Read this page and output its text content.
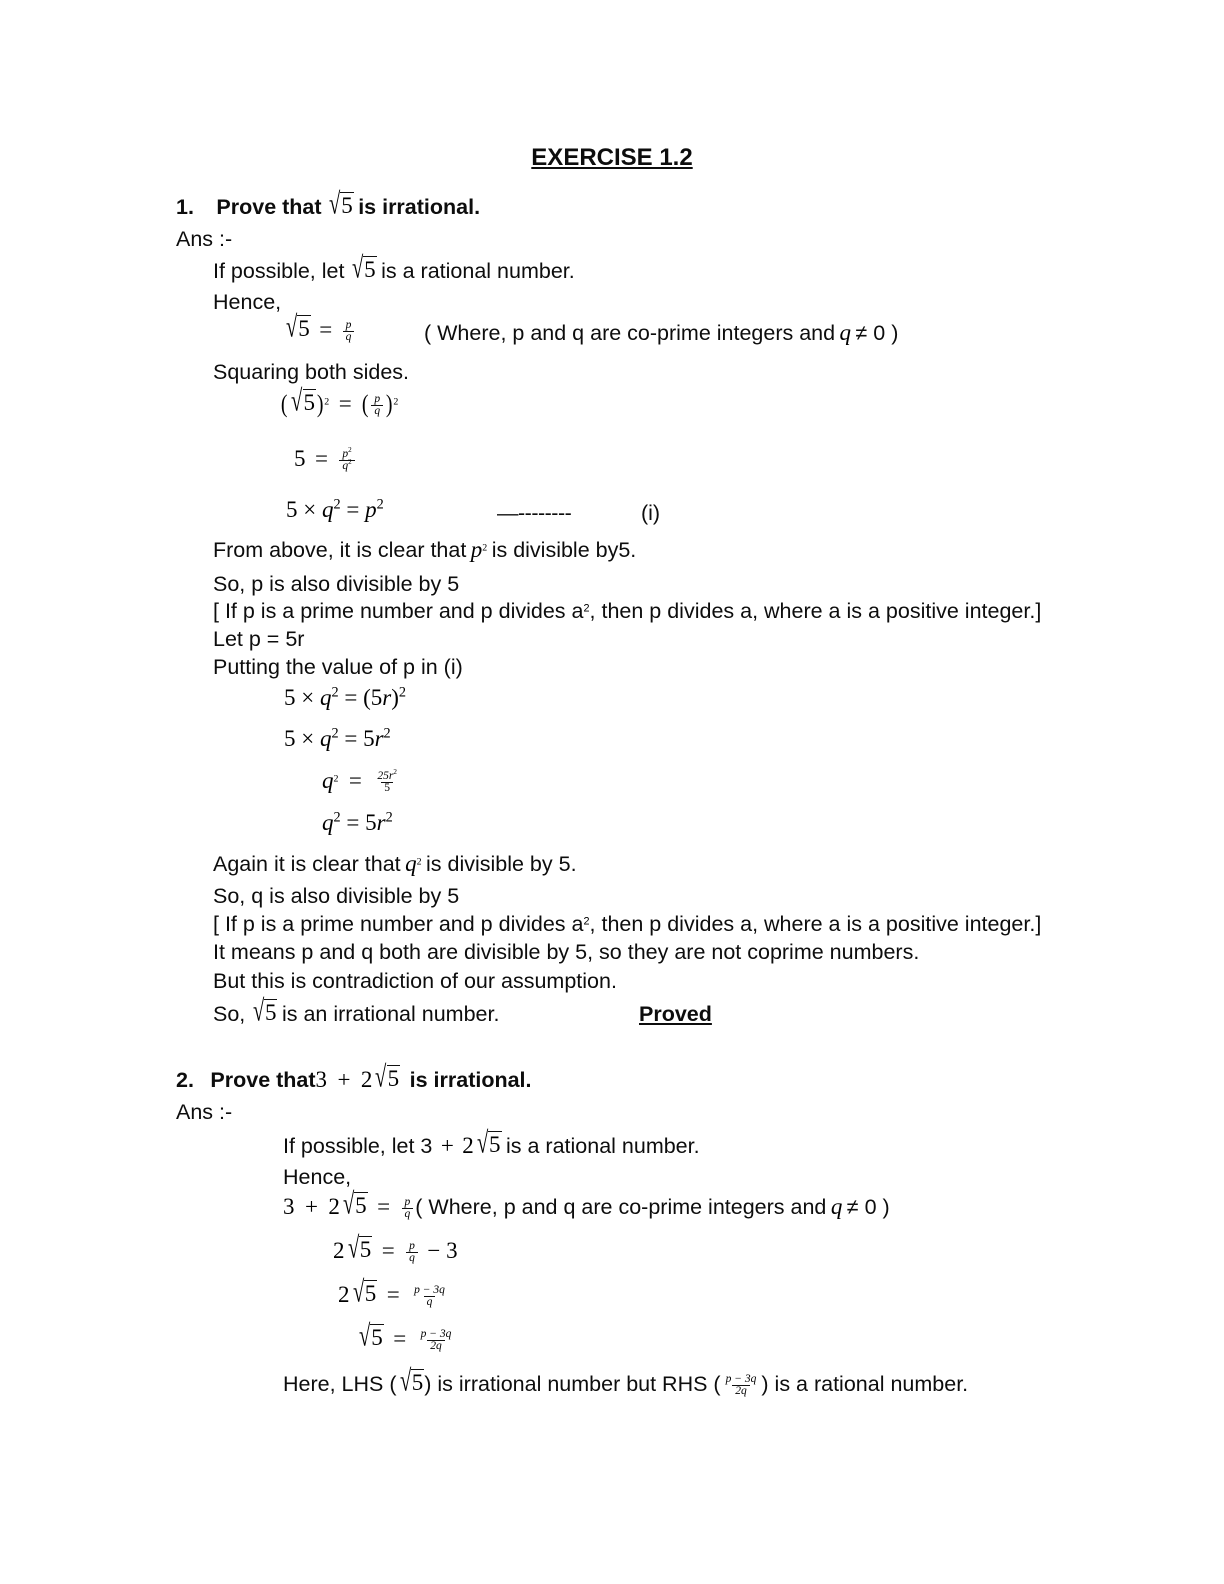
EXERCISE 1.2
1. Prove that √5 is irrational.
Ans :-
If possible, let √5 is a rational number.
Hence,
$√5 = \frac{p}{q}$	( Where, p and q are co-prime integers and q ≠ 0 )
Squaring both sides.
( √5)$^2$ = ( $\frac{p}{q} )^2$
$5 = \frac{p^2}{q^2}$
$5 \times q^2 = p^2$	—--------	(i)
From above, it is clear that $p^2$ is divisible by5.
So, p is also divisible by 5
[ If p is a prime number and p divides $a^2$, then p divides a, where a is a positive integer.]
Let p = 5r
Putting the value of p in (i)
$5 \times q^2 = (5r)^2$
$5 \times q^2 = 5r^2$
$q^2 = \frac{25r^2}{5}$
$q^2 = 5r^2$
Again it is clear that $q^2$ is divisible by 5.
So, q is also divisible by 5
[ If p is a prime number and p divides $a^2$, then p divides a, where a is a positive integer.]
It means p and q both are divisible by 5, so they are not coprime numbers.
But this is contradiction of our assumption.
So, √5 is an irrational number.	Proved
2. Prove that3 + 2 √5 is irrational.
Ans :-
If possible, let 3 + 2 √5 is a rational number.
Hence,
3 + 2 $√5 = \frac{p}{q}$ ( Where, p and q are co-prime integers and q ≠ 0 )
2 $√5 = \frac{p}{q} - 3$
2 $√5 = \frac{p - 3q}{q}$
$√5 = \frac{p - 3q}{2q}$
Here, LHS ( √5) is irrational number but RHS ( $\frac{p - 3q}{2q}$ ) is a rational number.
